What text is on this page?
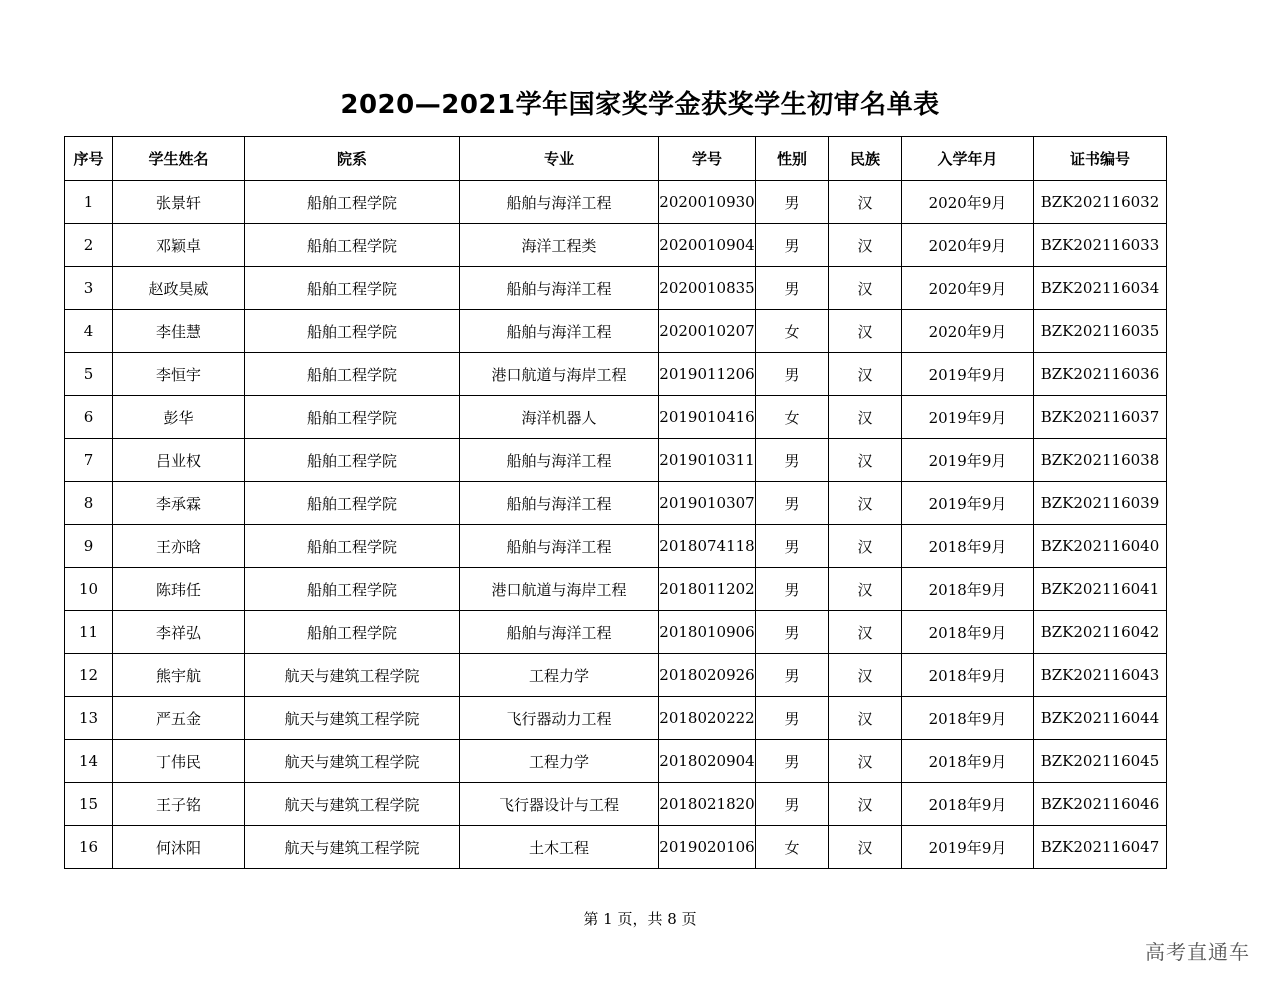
2020—2021学年国家奖学金获奖学生初审名单表
序号	学生姓名	院系	专业	学号	性别	民族	入学年月	证书编号
1	张景轩	船舶工程学院	船舶与海洋工程	2020010930	男	汉	2020年9月	BZK202116032
2	邓颖卓	船舶工程学院	海洋工程类	2020010904	男	汉	2020年9月	BZK202116033
3	赵政昊威	船舶工程学院	船舶与海洋工程	2020010835	男	汉	2020年9月	BZK202116034
4	李佳慧	船舶工程学院	船舶与海洋工程	2020010207	女	汉	2020年9月	BZK202116035
5	李恒宇	船舶工程学院	港口航道与海岸工程	2019011206	男	汉	2019年9月	BZK202116036
6	彭华	船舶工程学院	海洋机器人	2019010416	女	汉	2019年9月	BZK202116037
7	吕业权	船舶工程学院	船舶与海洋工程	2019010311	男	汉	2019年9月	BZK202116038
8	李承霖	船舶工程学院	船舶与海洋工程	2019010307	男	汉	2019年9月	BZK202116039
9	王亦晗	船舶工程学院	船舶与海洋工程	2018074118	男	汉	2018年9月	BZK202116040
10	陈玮任	船舶工程学院	港口航道与海岸工程	2018011202	男	汉	2018年9月	BZK202116041
11	李祥弘	船舶工程学院	船舶与海洋工程	2018010906	男	汉	2018年9月	BZK202116042
12	熊宇航	航天与建筑工程学院	工程力学	2018020926	男	汉	2018年9月	BZK202116043
13	严五金	航天与建筑工程学院	飞行器动力工程	2018020222	男	汉	2018年9月	BZK202116044
14	丁伟民	航天与建筑工程学院	工程力学	2018020904	男	汉	2018年9月	BZK202116045
15	王子铭	航天与建筑工程学院	飞行器设计与工程	2018021820	男	汉	2018年9月	BZK202116046
16	何沐阳	航天与建筑工程学院	土木工程	2019020106	女	汉	2019年9月	BZK202116047
第 1 页，共 8 页
高考直通车
